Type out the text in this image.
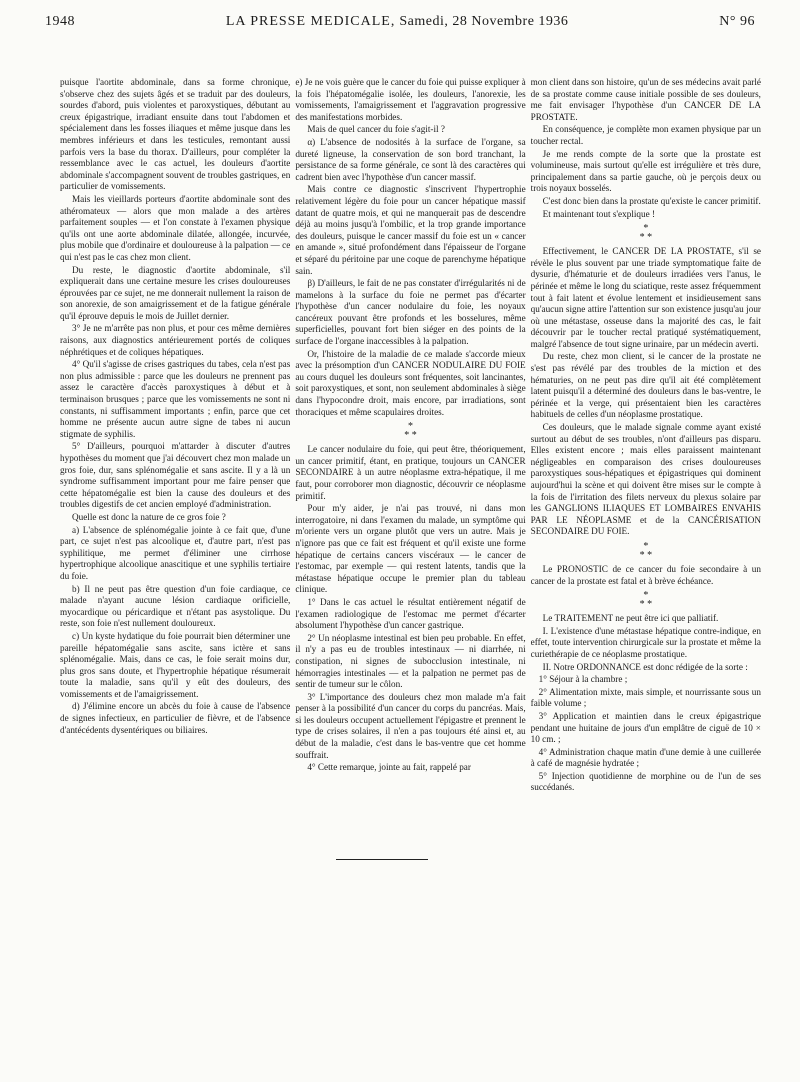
1948	LA PRESSE MEDICALE, Samedi, 28 Novembre 1936	N° 96

puisque l'aortite abdominale, dans sa forme chronique, s'observe chez des sujets âgés et se traduit par des douleurs, sourdes d'abord, puis violentes et paroxystiques, débutant au creux épigastrique, irradiant ensuite dans tout l'abdomen et spécialement dans les fosses iliaques et même jusque dans les membres inférieurs et dans les testicules, remontant aussi parfois vers la base du thorax. D'ailleurs, pour compléter la ressemblance avec le cas actuel, les douleurs d'aortite abdominale s'accompagnent souvent de troubles gastriques, en particulier de vomissements.

Mais les vieillards porteurs d'aortite abdominale sont des athéromateux — alors que mon malade a des artères parfaitement souples — et l'on constate à l'examen physique qu'ils ont une aorte abdominale dilatée, allongée, incurvée, plus mobile que d'ordinaire et douloureuse à la palpation — ce qui n'est pas le cas chez mon client.

Du reste, le diagnostic d'aortite abdominale, s'il expliquerait dans une certaine mesure les crises douloureuses éprouvées par ce sujet, ne me donnerait nullement la raison de son anorexie, de son amaigrissement et de la fatigue générale qu'il éprouve depuis le mois de Juillet dernier.

3° Je ne m'arrête pas non plus, et pour ces même dernières raisons, aux diagnostics antérieurement portés de coliques néphrétiques et de coliques hépatiques.

4° Qu'il s'agisse de crises gastriques du tabes, cela n'est pas non plus admissible : parce que les douleurs ne prennent pas assez le caractère d'accès paroxystiques à début et à terminaison brusques ; parce que les vomissements ne sont ni constants, ni suffisamment importants ; enfin, parce que cet homme ne présente aucun autre signe de tabes ni aucun stigmate de syphilis.

5° D'ailleurs, pourquoi m'attarder à discuter d'autres hypothèses du moment que j'ai découvert chez mon malade un gros foie, dur, sans splénomégalie et sans ascite. Il y a là un syndrome suffisamment important pour me faire penser que cette hépatomégalie est bien la cause des douleurs et des troubles digestifs de cet ancien employé d'administration.

Quelle est donc la nature de ce gros foie ?

a) L'absence de splénomégalie jointe à ce fait que, d'une part, ce sujet n'est pas alcoolique et, d'autre part, n'est pas syphilitique, me permet d'éliminer une cirrhose hypertrophique alcoolique anascitique et une syphilis tertiaire du foie.

b) Il ne peut pas être question d'un foie cardiaque, ce malade n'ayant aucune lésion cardiaque orificielle, myocardique ou péricardique et n'étant pas asystolique. Du reste, son foie n'est nullement douloureux.

c) Un kyste hydatique du foie pourrait bien déterminer une pareille hépatomégalie sans ascite, sans ictère et sans splénomégalie. Mais, dans ce cas, le foie serait moins dur, plus gros sans doute, et l'hypertrophie hépatique résumerait toute la maladie, sans qu'il y eût des douleurs, des vomissements et de l'amaigrissement.

d) J'élimine encore un abcès du foie à cause de l'absence de signes infectieux, en particulier de fièvre, et de l'absence d'antécédents dysentériques ou biliaires.

e) Je ne vois guère que le cancer du foie qui puisse expliquer à la fois l'hépatomégalie isolée, les douleurs, l'anorexie, les vomissements, l'amaigrissement et l'aggravation progressive des manifestations morbides.

Mais de quel cancer du foie s'agit-il ?

α) L'absence de nodosités à la surface de l'organe, sa dureté ligneuse, la conservation de son bord tranchant, la persistance de sa forme générale, ce sont là des caractères qui cadrent bien avec l'hypothèse d'un cancer massif.

Mais contre ce diagnostic s'inscrivent l'hypertrophie relativement légère du foie pour un cancer hépatique massif datant de quatre mois, et qui ne manquerait pas de descendre déjà au moins jusqu'à l'ombilic, et la trop grande importance des douleurs, puisque le cancer massif du foie est un « cancer en amande », situé profondément dans l'épaisseur de l'organe et séparé du péritoine par une coque de parenchyme hépatique sain.

β) D'ailleurs, le fait de ne pas constater d'irrégularités ni de mamelons à la surface du foie ne permet pas d'écarter l'hypothèse d'un cancer nodulaire du foie, les noyaux cancéreux pouvant être profonds et les bosselures, même superficielles, pouvant fort bien siéger en des points de la surface de l'organe inaccessibles à la palpation.

Or, l'histoire de la maladie de ce malade s'accorde mieux avec la présomption d'un CANCER NODULAIRE DU FOIE au cours duquel les douleurs sont fréquentes, soit lancinantes, soit paroxystiques, et sont, non seulement abdominales à siège dans l'hypocondre droit, mais encore, par irradiations, sont thoraciques et même scapulaires droites.

*
* *

Le cancer nodulaire du foie, qui peut être, théoriquement, un cancer primitif, étant, en pratique, toujours un CANCER SECONDAIRE à un autre néoplasme extra-hépatique, il me faut, pour corroborer mon diagnostic, découvrir ce néoplasme primitif.

Pour m'y aider, je n'ai pas trouvé, ni dans mon interrogatoire, ni dans l'examen du malade, un symptôme qui m'oriente vers un organe plutôt que vers un autre. Mais je n'ignore pas que ce fait est fréquent et qu'il existe une forme hépatique de certains cancers viscéraux — le cancer de l'estomac, par exemple — qui restent latents, tandis que la métastase hépatique occupe le premier plan du tableau clinique.

1° Dans le cas actuel le résultat entièrement négatif de l'examen radiologique de l'estomac me permet d'écarter absolument l'hypothèse d'un cancer gastrique.

2° Un néoplasme intestinal est bien peu probable. En effet, il n'y a pas eu de troubles intestinaux — ni diarrhée, ni constipation, ni signes de subocclusion intestinale, ni hémorragies intestinales — et la palpation ne permet pas de sentir de tumeur sur le côlon.

3° L'importance des douleurs chez mon malade m'a fait penser à la possibilité d'un cancer du corps du pancréas. Mais, si les douleurs occupent actuellement l'épigastre et prennent le type de crises solaires, il n'en a pas toujours été ainsi et, au début de la maladie, c'est dans le bas-ventre que cet homme souffrait.

4° Cette remarque, jointe au fait, rappelé par

mon client dans son histoire, qu'un de ses médecins avait parlé de sa prostate comme cause initiale possible de ses douleurs, me fait envisager l'hypothèse d'un CANCER DE LA PROSTATE.

En conséquence, je complète mon examen physique par un toucher rectal.

Je me rends compte de la sorte que la prostate est volumineuse, mais surtout qu'elle est irrégulière et très dure, principalement dans sa partie gauche, où je perçois deux ou trois noyaux bosselés.

C'est donc bien dans la prostate qu'existe le cancer primitif.

Et maintenant tout s'explique !

*
* *

Effectivement, le CANCER DE LA PROSTATE, s'il se révèle le plus souvent par une triade symptomatique faite de dysurie, d'hématurie et de douleurs irradiées vers l'anus, le périnée et même le long du sciatique, reste assez fréquemment tout à fait latent et évolue lentement et insidieusement sans qu'aucun signe attire l'attention sur son existence jusqu'au jour où une métastase, osseuse dans la majorité des cas, le fait découvrir par le toucher rectal pratiqué systématiquement, malgré l'absence de tout signe urinaire, par un médecin averti.

Du reste, chez mon client, si le cancer de la prostate ne s'est pas révélé par des troubles de la miction et des hématuries, on ne peut pas dire qu'il ait été complètement latent puisqu'il a déterminé des douleurs dans le bas-ventre, le périnée et la verge, qui présentaient bien les caractères habituels de celles d'un néoplasme prostatique.

Ces douleurs, que le malade signale comme ayant existé surtout au début de ses troubles, n'ont d'ailleurs pas disparu. Elles existent encore ; mais elles paraissent maintenant négligeables en comparaison des crises douloureuses paroxystiques sous-hépatiques et épigastriques qui dominent aujourd'hui la scène et qui doivent être mises sur le compte à la fois de l'irritation des filets nerveux du plexus solaire par les GANGLIONS ILIAQUES ET LOMBAIRES ENVAHIS PAR LE NÉOPLASME et de la CANCÉRISATION SECONDAIRE DU FOIE.

*
* *

Le PRONOSTIC de ce cancer du foie secondaire à un cancer de la prostate est fatal et à brève échéance.

*
* *

Le TRAITEMENT ne peut être ici que palliatif.

I. L'existence d'une métastase hépatique contre-indique, en effet, toute intervention chirurgicale sur la prostate et même la curiethérapie de ce néoplasme prostatique.

II. Notre ORDONNANCE est donc rédigée de la sorte :

1° Séjour à la chambre ;

2° Alimentation mixte, mais simple, et nourrissante sous un faible volume ;

3° Application et maintien dans le creux épigastrique pendant une huitaine de jours d'un emplâtre de ciguë de 10 × 10 cm. ;

4° Administration chaque matin d'une demie à une cuillerée à café de magnésie hydratée ;

5° Injection quotidienne de morphine ou de l'un de ses succédanés.
